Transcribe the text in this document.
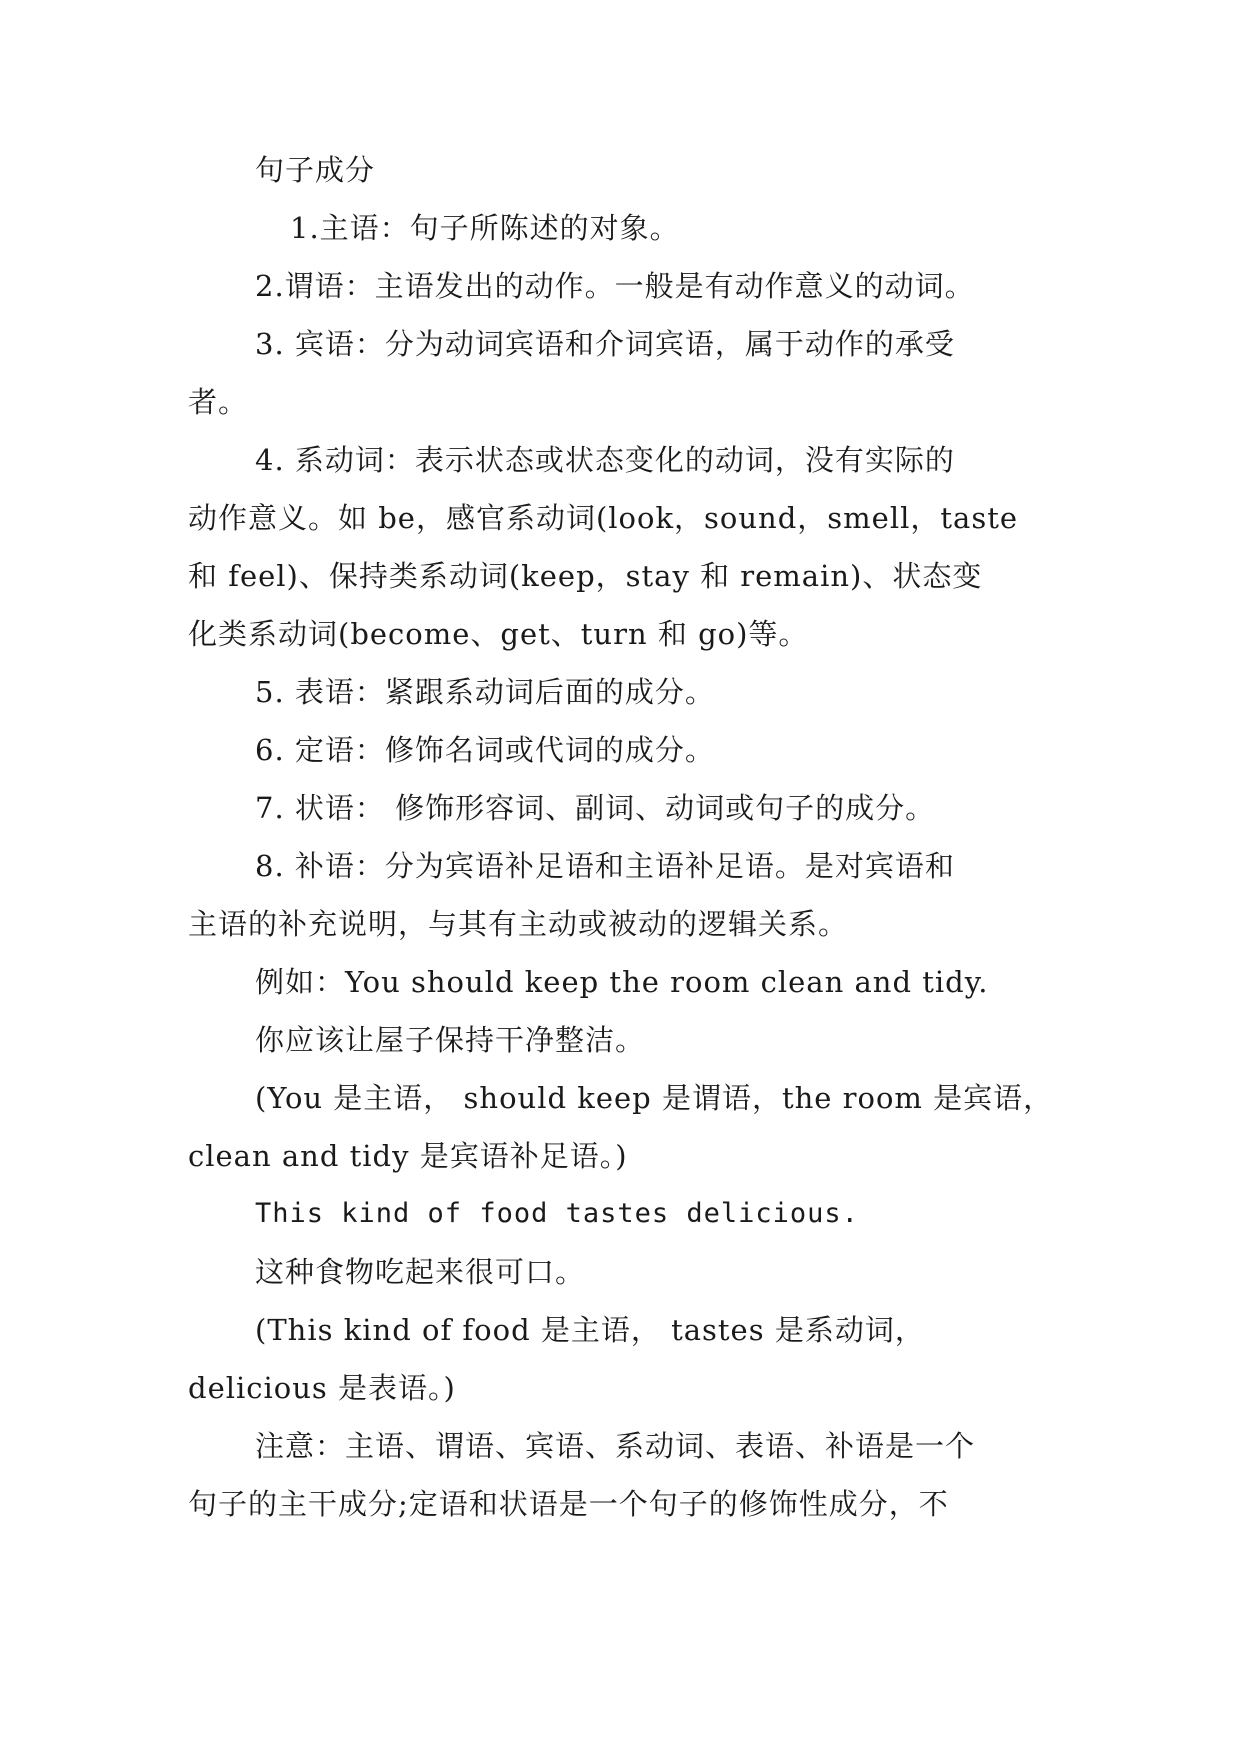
句子成分
1.主语：句子所陈述的对象。
2.谓语：主语发出的动作。一般是有动作意义的动词。
3. 宾语：分为动词宾语和介词宾语，属于动作的承受
者。
4. 系动词：表示状态或状态变化的动词，没有实际的
动作意义。如 be，感官系动词(look，sound，smell，taste
和 feel)、保持类系动词(keep，stay 和 remain)、状态变
化类系动词(become、get、turn 和 go)等。
5. 表语：紧跟系动词后面的成分。
6. 定语：修饰名词或代词的成分。
7. 状语： 修饰形容词、副词、动词或句子的成分。
8. 补语：分为宾语补足语和主语补足语。是对宾语和
主语的补充说明，与其有主动或被动的逻辑关系。
例如：You should keep the room clean and tidy.
你应该让屋子保持干净整洁。
(You 是主语， should keep 是谓语，the room 是宾语，
clean and tidy 是宾语补足语。)
This kind of food tastes delicious.
这种食物吃起来很可口。
(This kind of food 是主语， tastes 是系动词，
delicious 是表语。)
注意：主语、谓语、宾语、系动词、表语、补语是一个
句子的主干成分;定语和状语是一个句子的修饰性成分，不
